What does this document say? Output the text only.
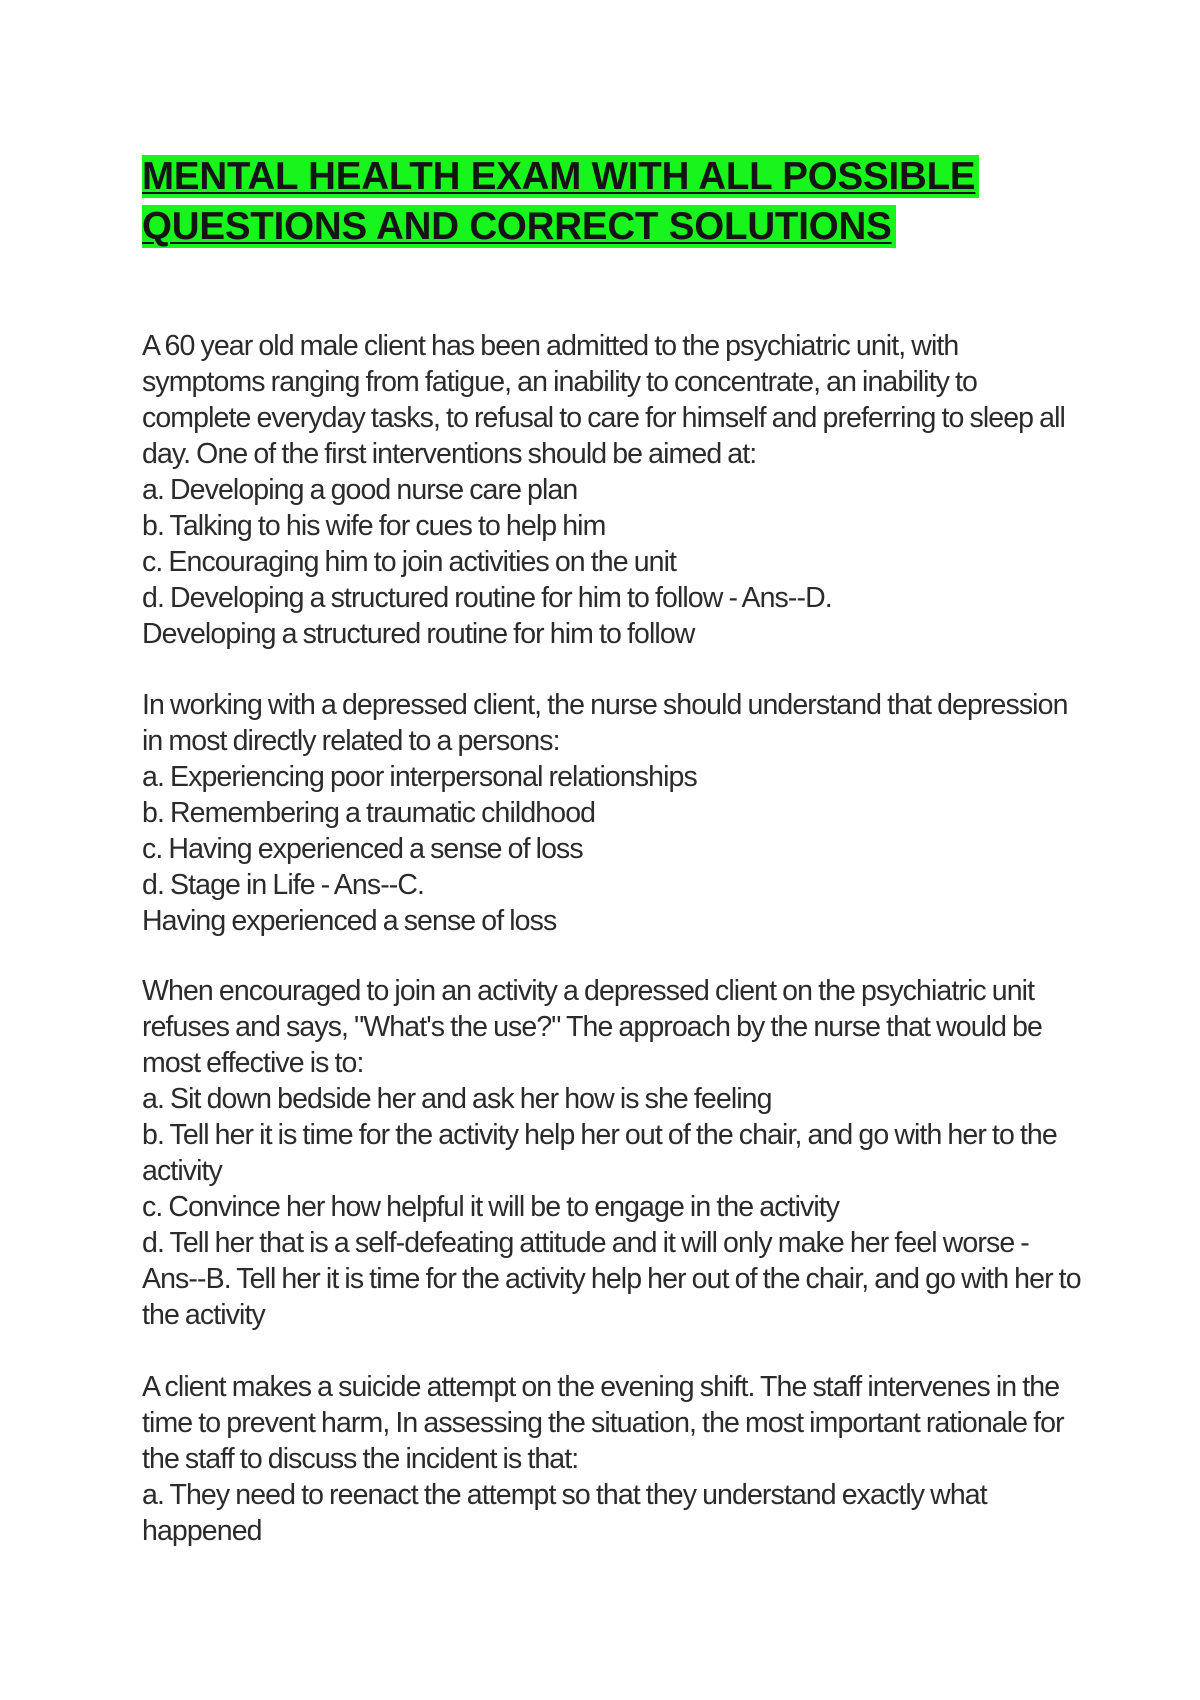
MENTAL HEALTH EXAM WITH ALL POSSIBLE
QUESTIONS AND CORRECT SOLUTIONS

A 60 year old male client has been admitted to the psychiatric unit, with symptoms ranging from fatigue, an inability to concentrate, an inability to complete everyday tasks, to refusal to care for himself and preferring to sleep all day. One of the first interventions should be aimed at:

a. Developing a good nurse care plan

b. Talking to his wife for cues to help him

c. Encouraging him to join activities on the unit

d. Developing a structured routine for him to follow - Ans--D.

Developing a structured routine for him to follow

In working with a depressed client, the nurse should understand that depression in most directly related to a persons:

a. Experiencing poor interpersonal relationships

b. Remembering a traumatic childhood

c. Having experienced a sense of loss

d. Stage in Life - Ans--C.

Having experienced a sense of loss

When encouraged to join an activity a depressed client on the psychiatric unit refuses and says, "What's the use?" The approach by the nurse that would be most effective is to:

a. Sit down bedside her and ask her how is she feeling

b. Tell her it is time for the activity help her out of the chair, and go with her to the activity

c. Convince her how helpful it will be to engage in the activity

d. Tell her that is a self-defeating attitude and it will only make her feel worse - Ans--B. Tell her it is time for the activity help her out of the chair, and go with her to the activity

A client makes a suicide attempt on the evening shift. The staff intervenes in the time to prevent harm, In assessing the situation, the most important rationale for the staff to discuss the incident is that:

a. They need to reenact the attempt so that they understand exactly what happened
